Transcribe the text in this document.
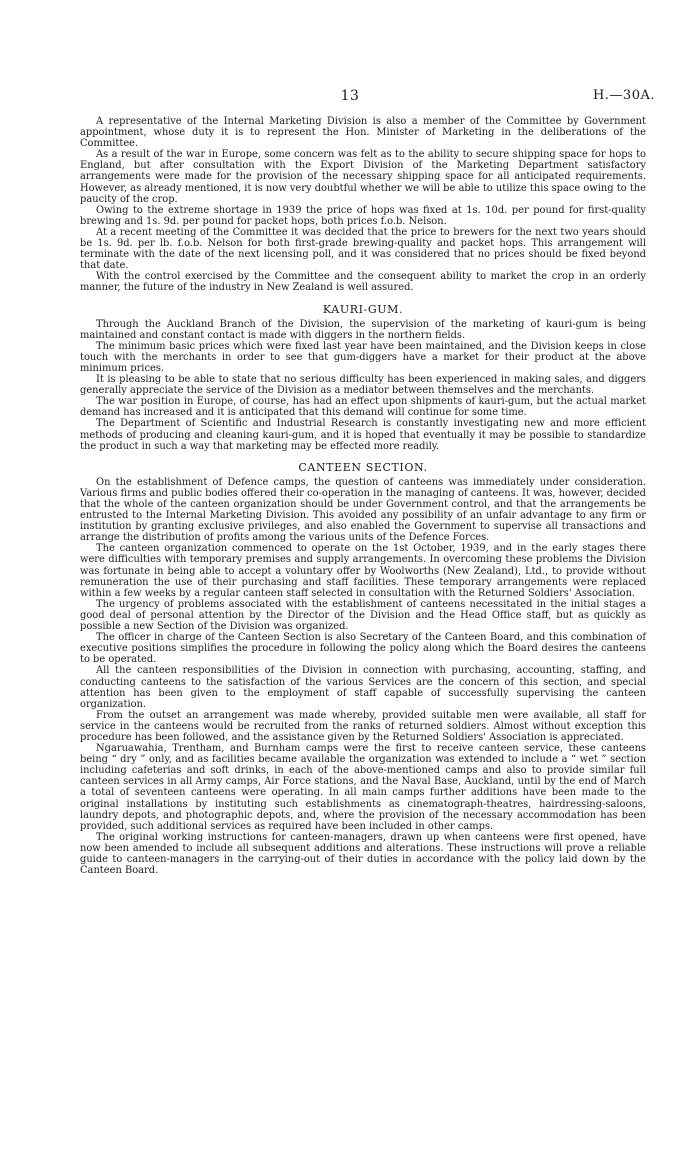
13	H.—30A.

A representative of the Internal Marketing Division is also a member of the Committee by Government appointment, whose duty it is to represent the Hon. Minister of Marketing in the deliberations of the Committee.

As a result of the war in Europe, some concern was felt as to the ability to secure shipping space for hops to England, but after consultation with the Export Division of the Marketing Department satisfactory arrangements were made for the provision of the necessary shipping space for all anticipated requirements. However, as already mentioned, it is now very doubtful whether we will be able to utilize this space owing to the paucity of the crop.

Owing to the extreme shortage in 1939 the price of hops was fixed at 1s. 10d. per pound for first-quality brewing and 1s. 9d. per pound for packet hops, both prices f.o.b. Nelson.

At a recent meeting of the Committee it was decided that the price to brewers for the next two years should be 1s. 9d. per lb. f.o.b. Nelson for both first-grade brewing-quality and packet hops. This arrangement will terminate with the date of the next licensing poll, and it was considered that no prices should be fixed beyond that date.

With the control exercised by the Committee and the consequent ability to market the crop in an orderly manner, the future of the industry in New Zealand is well assured.

KAURI-GUM.

Through the Auckland Branch of the Division, the supervision of the marketing of kauri-gum is being maintained and constant contact is made with diggers in the northern fields.

The minimum basic prices which were fixed last year have been maintained, and the Division keeps in close touch with the merchants in order to see that gum-diggers have a market for their product at the above minimum prices.

It is pleasing to be able to state that no serious difficulty has been experienced in making sales, and diggers generally appreciate the service of the Division as a mediator between themselves and the merchants.

The war position in Europe, of course, has had an effect upon shipments of kauri-gum, but the actual market demand has increased and it is anticipated that this demand will continue for some time.

The Department of Scientific and Industrial Research is constantly investigating new and more efficient methods of producing and cleaning kauri-gum, and it is hoped that eventually it may be possible to standardize the product in such a way that marketing may be effected more readily.

CANTEEN SECTION.

On the establishment of Defence camps, the question of canteens was immediately under consideration. Various firms and public bodies offered their co-operation in the managing of canteens. It was, however, decided that the whole of the canteen organization should be under Government control, and that the arrangements be entrusted to the Internal Marketing Division. This avoided any possibility of an unfair advantage to any firm or institution by granting exclusive privileges, and also enabled the Government to supervise all transactions and arrange the distribution of profits among the various units of the Defence Forces.

The canteen organization commenced to operate on the 1st October, 1939, and in the early stages there were difficulties with temporary premises and supply arrangements. In overcoming these problems the Division was fortunate in being able to accept a voluntary offer by Woolworths (New Zealand), Ltd., to provide without remuneration the use of their purchasing and staff facilities. These temporary arrangements were replaced within a few weeks by a regular canteen staff selected in consultation with the Returned Soldiers' Association.

The urgency of problems associated with the establishment of canteens necessitated in the initial stages a good deal of personal attention by the Director of the Division and the Head Office staff, but as quickly as possible a new Section of the Division was organized.

The officer in charge of the Canteen Section is also Secretary of the Canteen Board, and this combination of executive positions simplifies the procedure in following the policy along which the Board desires the canteens to be operated.

All the canteen responsibilities of the Division in connection with purchasing, accounting, staffing, and conducting canteens to the satisfaction of the various Services are the concern of this section, and special attention has been given to the employment of staff capable of successfully supervising the canteen organization.

From the outset an arrangement was made whereby, provided suitable men were available, all staff for service in the canteens would be recruited from the ranks of returned soldiers. Almost without exception this procedure has been followed, and the assistance given by the Returned Soldiers' Association is appreciated.

Ngaruawahia, Trentham, and Burnham camps were the first to receive canteen service, these canteens being “ dry ” only, and as facilities became available the organization was extended to include a “ wet ” section including cafeterias and soft drinks, in each of the above-mentioned camps and also to provide similar full canteen services in all Army camps, Air Force stations, and the Naval Base, Auckland, until by the end of March a total of seventeen canteens were operating. In all main camps further additions have been made to the original installations by instituting such establishments as cinematograph-theatres, hairdressing-saloons, laundry depots, and photographic depots, and, where the provision of the necessary accommodation has been provided, such additional services as required have been included in other camps.

The original working instructions for canteen-managers, drawn up when canteens were first opened, have now been amended to include all subsequent additions and alterations. These instructions will prove a reliable guide to canteen-managers in the carrying-out of their duties in accordance with the policy laid down by the Canteen Board.
